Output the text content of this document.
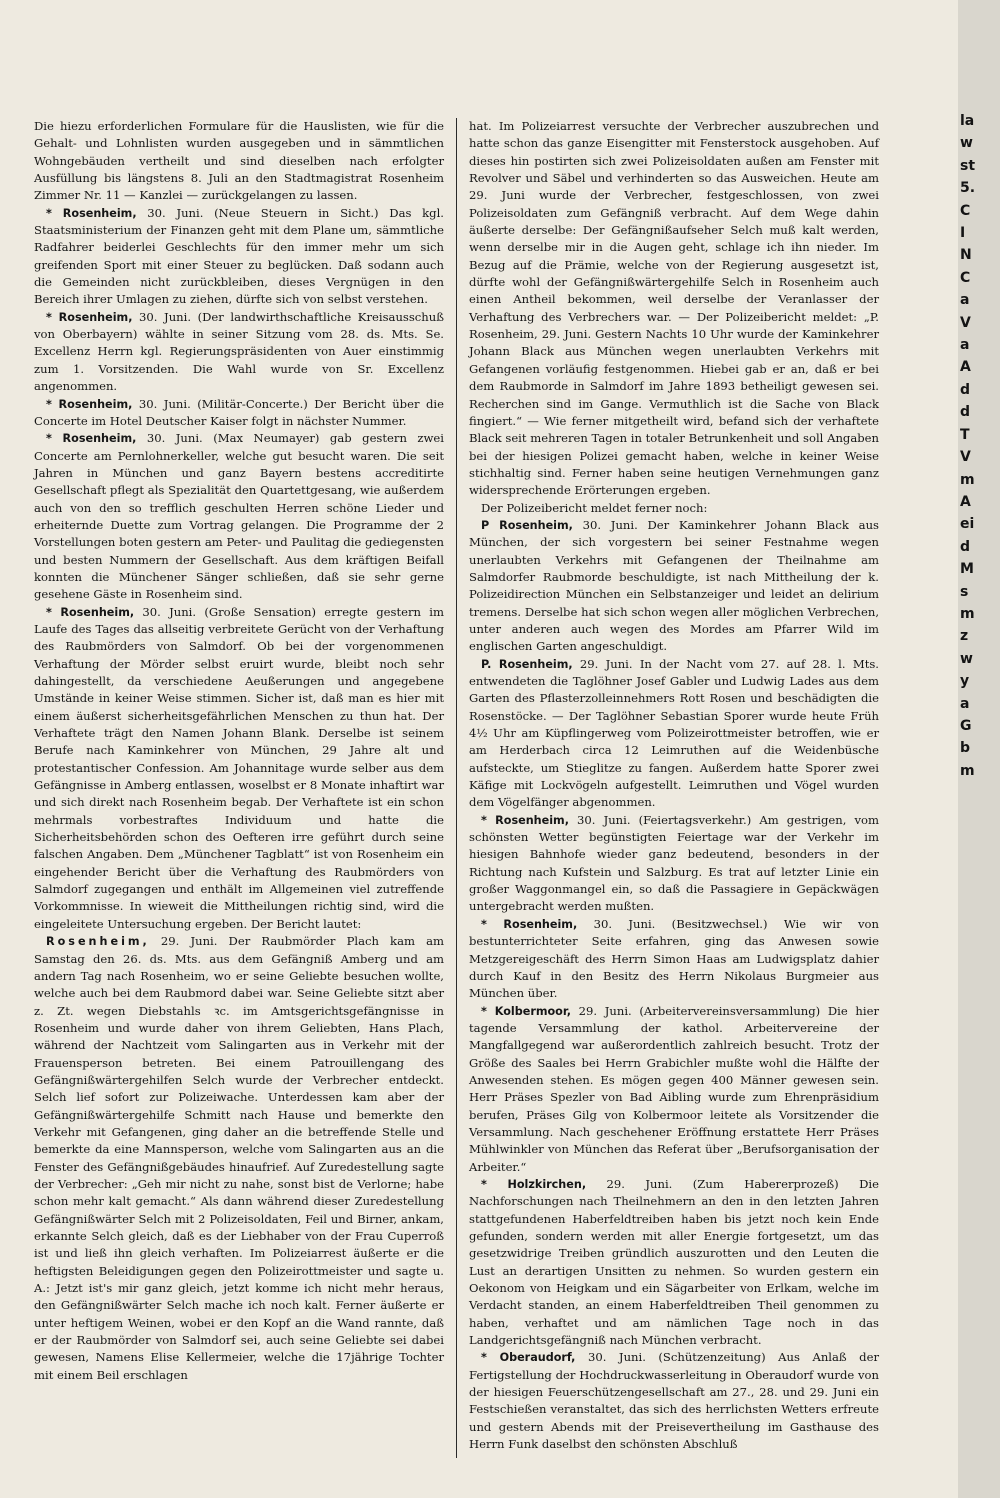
Die hiezu erforderlichen Formulare für die Hauslisten, wie für die Gehalt- und Lohnlisten wurden ausgegeben und in sämmtlichen Wohngebäuden vertheilt und sind dieselben nach erfolgter Ausfüllung bis längstens 8. Juli an den Stadtmagistrat Rosenheim Zimmer Nr. 11 — Kanzlei — zurückgelangen zu lassen.

* Rosenheim, 30. Juni. (Neue Steuern in Sicht.) Das kgl. Staatsministerium der Finanzen geht mit dem Plane um, sämmtliche Radfahrer beiderlei Geschlechts für den immer mehr um sich greifenden Sport mit einer Steuer zu beglücken. Daß sodann auch die Gemeinden nicht zurückbleiben, dieses Vergnügen in den Bereich ihrer Umlagen zu ziehen, dürfte sich von selbst verstehen.

* Rosenheim, 30. Juni. (Der landwirthschaftliche Kreisausschuß von Oberbayern) wählte in seiner Sitzung vom 28. ds. Mts. Se. Excellenz Herrn kgl. Regierungspräsidenten von Auer einstimmig zum 1. Vorsitzenden. Die Wahl wurde von Sr. Excellenz angenommen.

* Rosenheim, 30. Juni. (Militär-Concerte.) Der Bericht über die Concerte im Hotel Deutscher Kaiser folgt in nächster Nummer.

* Rosenheim, 30. Juni. (Max Neumayer) gab gestern zwei Concerte am Pernlohnerkeller, welche gut besucht waren. Die seit Jahren in München und ganz Bayern bestens accreditirte Gesellschaft pflegt als Spezialität den Quartettgesang, wie außerdem auch von den so trefflich geschulten Herren schöne Lieder und erheiternde Duette zum Vortrag gelangen. Die Programme der 2 Vorstellungen boten gestern am Peter- und Paulitag die gediegensten und besten Nummern der Gesellschaft. Aus dem kräftigen Beifall konnten die Münchener Sänger schließen, daß sie sehr gerne gesehene Gäste in Rosenheim sind.

* Rosenheim, 30. Juni. (Große Sensation) erregte gestern im Laufe des Tages das allseitig verbreitete Gerücht von der Verhaftung des Raubmörders von Salmdorf. Ob bei der vorgenommenen Verhaftung der Mörder selbst eruirt wurde, bleibt noch sehr dahingestellt, da verschiedene Aeußerungen und angegebene Umstände in keiner Weise stimmen. Sicher ist, daß man es hier mit einem äußerst sicherheitsgefährlichen Menschen zu thun hat. Der Verhaftete trägt den Namen Johann Blank. Derselbe ist seinem Berufe nach Kaminkehrer von München, 29 Jahre alt und protestantischer Confession. Am Johannitage wurde selber aus dem Gefängnisse in Amberg entlassen, woselbst er 8 Monate inhaftirt war und sich direkt nach Rosenheim begab. Der Verhaftete ist ein schon mehrmals vorbestraftes Individuum und hatte die Sicherheitsbehörden schon des Oefteren irre geführt durch seine falschen Angaben. Dem „Münchener Tagblatt“ ist von Rosenheim ein eingehender Bericht über die Verhaftung des Raubmörders von Salmdorf zugegangen und enthält im Allgemeinen viel zutreffende Vorkommnisse. In wieweit die Mittheilungen richtig sind, wird die eingeleitete Untersuchung ergeben. Der Bericht lautet:

Rosenheim, 29. Juni. Der Raubmörder Plach kam am Samstag den 26. ds. Mts. aus dem Gefängniß Amberg und am andern Tag nach Rosenheim, wo er seine Geliebte besuchen wollte, welche auch bei dem Raubmord dabei war. Seine Geliebte sitzt aber z. Zt. wegen Diebstahls ꝛc. im Amtsgerichtsgefängnisse in Rosenheim und wurde daher von ihrem Geliebten, Hans Plach, während der Nachtzeit vom Salingarten aus in Verkehr mit der Frauensperson betreten. Bei einem Patrouillengang des Gefängnißwärtergehilfen Selch wurde der Verbrecher entdeckt. Selch lief sofort zur Polizeiwache. Unterdessen kam aber der Gefängnißwärtergehilfe Schmitt nach Hause und bemerkte den Verkehr mit Gefangenen, ging daher an die betreffende Stelle und bemerkte da eine Mannsperson, welche vom Salingarten aus an die Fenster des Gefängnißgebäudes hinaufrief. Auf Zuredestellung sagte der Verbrecher: „Geh mir nicht zu nahe, sonst bist de Verlorne; habe schon mehr kalt gemacht.“ Als dann während dieser Zuredestellung Gefängnißwärter Selch mit 2 Polizeisoldaten, Feil und Birner, ankam, erkannte Selch gleich, daß es der Liebhaber von der Frau Cuperroß ist und ließ ihn gleich verhaften. Im Polizeiarrest äußerte er die heftigsten Beleidigungen gegen den Polizeirottmeister und sagte u. A.: Jetzt ist's mir ganz gleich, jetzt komme ich nicht mehr heraus, den Gefängnißwärter Selch mache ich noch kalt. Ferner äußerte er unter heftigem Weinen, wobei er den Kopf an die Wand rannte, daß er der Raubmörder von Salmdorf sei, auch seine Geliebte sei dabei gewesen, Namens Elise Kellermeier, welche die 17jährige Tochter mit einem Beil erschlagen

hat. Im Polizeiarrest versuchte der Verbrecher auszubrechen und hatte schon das ganze Eisengitter mit Fensterstock ausgehoben. Auf dieses hin postirten sich zwei Polizeisoldaten außen am Fenster mit Revolver und Säbel und verhinderten so das Ausweichen. Heute am 29. Juni wurde der Verbrecher, festgeschlossen, von zwei Polizeisoldaten zum Gefängniß verbracht. Auf dem Wege dahin äußerte derselbe: Der Gefängnißaufseher Selch muß kalt werden, wenn derselbe mir in die Augen geht, schlage ich ihn nieder. Im Bezug auf die Prämie, welche von der Regierung ausgesetzt ist, dürfte wohl der Gefängnißwärtergehilfe Selch in Rosenheim auch einen Antheil bekommen, weil derselbe der Veranlasser der Verhaftung des Verbrechers war. — Der Polizeibericht meldet: „P. Rosenheim, 29. Juni. Gestern Nachts 10 Uhr wurde der Kaminkehrer Johann Black aus München wegen unerlaubten Verkehrs mit Gefangenen vorläufig festgenommen. Hiebei gab er an, daß er bei dem Raubmorde in Salmdorf im Jahre 1893 betheiligt gewesen sei. Recherchen sind im Gange. Vermuthlich ist die Sache von Black fingiert.“ — Wie ferner mitgetheilt wird, befand sich der verhaftete Black seit mehreren Tagen in totaler Betrunkenheit und soll Angaben bei der hiesigen Polizei gemacht haben, welche in keiner Weise stichhaltig sind. Ferner haben seine heutigen Vernehmungen ganz widersprechende Erörterungen ergeben.

Der Polizeibericht meldet ferner noch:

P Rosenheim, 30. Juni. Der Kaminkehrer Johann Black aus München, der sich vorgestern bei seiner Festnahme wegen unerlaubten Verkehrs mit Gefangenen der Theilnahme am Salmdorfer Raubmorde beschuldigte, ist nach Mittheilung der k. Polizeidirection München ein Selbstanzeiger und leidet an delirium tremens. Derselbe hat sich schon wegen aller möglichen Verbrechen, unter anderen auch wegen des Mordes am Pfarrer Wild im englischen Garten angeschuldigt.

P. Rosenheim, 29. Juni. In der Nacht vom 27. auf 28. l. Mts. entwendeten die Taglöhner Josef Gabler und Ludwig Lades aus dem Garten des Pflasterzolleinnehmers Rott Rosen und beschädigten die Rosenstöcke. — Der Taglöhner Sebastian Sporer wurde heute Früh 4½ Uhr am Küpflingerweg vom Polizeirottmeister betroffen, wie er am Herderbach circa 12 Leimruthen auf die Weidenbüsche aufsteckte, um Stieglitze zu fangen. Außerdem hatte Sporer zwei Käfige mit Lockvögeln aufgestellt. Leimruthen und Vögel wurden dem Vögelfänger abgenommen.

* Rosenheim, 30. Juni. (Feiertagsverkehr.) Am gestrigen, vom schönsten Wetter begünstigten Feiertage war der Verkehr im hiesigen Bahnhofe wieder ganz bedeutend, besonders in der Richtung nach Kufstein und Salzburg. Es trat auf letzter Linie ein großer Waggonmangel ein, so daß die Passagiere in Gepäckwägen untergebracht werden mußten.

* Rosenheim, 30. Juni. (Besitzwechsel.) Wie wir von bestunterrichteter Seite erfahren, ging das Anwesen sowie Metzgereigeschäft des Herrn Simon Haas am Ludwigsplatz dahier durch Kauf in den Besitz des Herrn Nikolaus Burgmeier aus München über.

* Kolbermoor, 29. Juni. (Arbeitervereinsversammlung) Die hier tagende Versammlung der kathol. Arbeitervereine der Mangfallgegend war außerordentlich zahlreich besucht. Trotz der Größe des Saales bei Herrn Grabichler mußte wohl die Hälfte der Anwesenden stehen. Es mögen gegen 400 Männer gewesen sein. Herr Präses Spezler von Bad Aibling wurde zum Ehrenpräsidium berufen, Präses Gilg von Kolbermoor leitete als Vorsitzender die Versammlung. Nach geschehener Eröffnung erstattete Herr Präses Mühlwinkler von München das Referat über „Berufsorganisation der Arbeiter.“

* Holzkirchen, 29. Juni. (Zum Habererprozeß) Die Nachforschungen nach Theilnehmern an den in den letzten Jahren stattgefundenen Haberfeldtreiben haben bis jetzt noch kein Ende gefunden, sondern werden mit aller Energie fortgesetzt, um das gesetzwidrige Treiben gründlich auszurotten und den Leuten die Lust an derartigen Unsitten zu nehmen. So wurden gestern ein Oekonom von Heigkam und ein Sägarbeiter von Erlkam, welche im Verdacht standen, an einem Haberfeldtreiben Theil genommen zu haben, verhaftet und am nämlichen Tage noch in das Landgerichtsgefängniß nach München verbracht.

* Oberaudorf, 30. Juni. (Schützenzeitung) Aus Anlaß der Fertigstellung der Hochdruckwasserleitung in Oberaudorf wurde von der hiesigen Feuerschützengesellschaft am 27., 28. und 29. Juni ein Festschießen veranstaltet, das sich des herrlichsten Wetters erfreute und gestern Abends mit der Preisevertheilung im Gasthause des Herrn Funk daselbst den schönsten Abschluß

la
w
st
5.
C
I
N
C
a
V
a
A
d
d
T
V
m
A
ei
d
M
s
m
z
w
y
a
G
b
m
